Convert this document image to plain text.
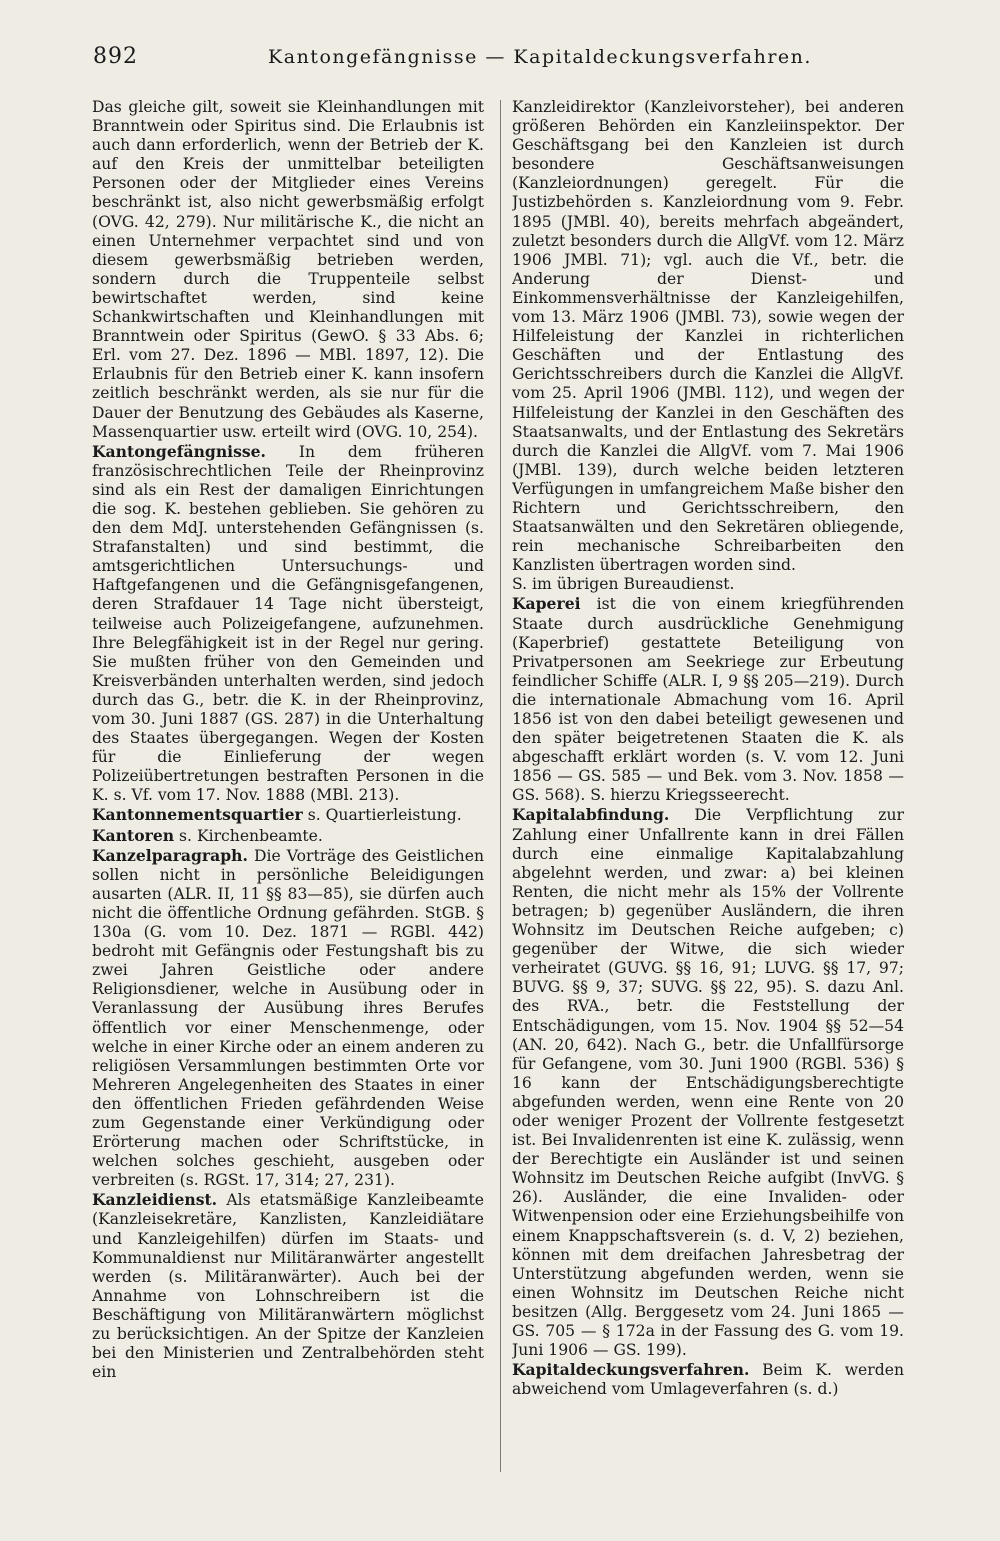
892	Kantongefängnisse — Kapitaldeckungsverfahren.

Das gleiche gilt, soweit sie Kleinhandlungen mit Branntwein oder Spiritus sind. Die Erlaubnis ist auch dann erforderlich, wenn der Betrieb der K. auf den Kreis der unmittelbar beteiligten Personen oder der Mitglieder eines Vereins beschränkt ist, also nicht gewerbsmäßig erfolgt (OVG. 42, 279). Nur militärische K., die nicht an einen Unternehmer verpachtet sind und von diesem gewerbsmäßig betrieben werden, sondern durch die Truppenteile selbst bewirtschaftet werden, sind keine Schankwirtschaften und Kleinhandlungen mit Branntwein oder Spiritus (GewO. § 33 Abs. 6; Erl. vom 27. Dez. 1896 — MBl. 1897, 12). Die Erlaubnis für den Betrieb einer K. kann insofern zeitlich beschränkt werden, als sie nur für die Dauer der Benutzung des Gebäudes als Kaserne, Massenquartier usw. erteilt wird (OVG. 10, 254).

Kantongefängnisse. In dem früheren französischrechtlichen Teile der Rheinprovinz sind als ein Rest der damaligen Einrichtungen die sog. K. bestehen geblieben. Sie gehören zu den dem MdJ. unterstehenden Gefängnissen (s. Strafanstalten) und sind bestimmt, die amtsgerichtlichen Untersuchungs- und Haftgefangenen und die Gefängnisgefangenen, deren Strafdauer 14 Tage nicht übersteigt, teilweise auch Polizeigefangene, aufzunehmen. Ihre Belegfähigkeit ist in der Regel nur gering. Sie mußten früher von den Gemeinden und Kreisverbänden unterhalten werden, sind jedoch durch das G., betr. die K. in der Rheinprovinz, vom 30. Juni 1887 (GS. 287) in die Unterhaltung des Staates übergegangen. Wegen der Kosten für die Einlieferung der wegen Polizeiübertretungen bestraften Personen in die K. s. Vf. vom 17. Nov. 1888 (MBl. 213).

Kantonnementsquartier s. Quartierleistung.

Kantoren s. Kirchenbeamte.

Kanzelparagraph. Die Vorträge des Geistlichen sollen nicht in persönliche Beleidigungen ausarten (ALR. II, 11 §§ 83—85), sie dürfen auch nicht die öffentliche Ordnung gefährden. StGB. § 130a (G. vom 10. Dez. 1871 — RGBl. 442) bedroht mit Gefängnis oder Festungshaft bis zu zwei Jahren Geistliche oder andere Religionsdiener, welche in Ausübung oder in Veranlassung der Ausübung ihres Berufes öffentlich vor einer Menschenmenge, oder welche in einer Kirche oder an einem anderen zu religiösen Versammlungen bestimmten Orte vor Mehreren Angelegenheiten des Staates in einer den öffentlichen Frieden gefährdenden Weise zum Gegenstande einer Verkündigung oder Erörterung machen oder Schriftstücke, in welchen solches geschieht, ausgeben oder verbreiten (s. RGSt. 17, 314; 27, 231).

Kanzleidienst. Als etatsmäßige Kanzleibeamte (Kanzleisekretäre, Kanzlisten, Kanzleidiätare und Kanzleigehilfen) dürfen im Staats- und Kommunaldienst nur Militäranwärter angestellt werden (s. Militäranwärter). Auch bei der Annahme von Lohnschreibern ist die Beschäftigung von Militäranwärtern möglichst zu berücksichtigen. An der Spitze der Kanzleien bei den Ministerien und Zentralbehörden steht ein

Kanzleidirektor (Kanzleivorsteher), bei anderen größeren Behörden ein Kanzleiinspektor. Der Geschäftsgang bei den Kanzleien ist durch besondere Geschäftsanweisungen (Kanzleiordnungen) geregelt. Für die Justizbehörden s. Kanzleiordnung vom 9. Febr. 1895 (JMBl. 40), bereits mehrfach abgeändert, zuletzt besonders durch die AllgVf. vom 12. März 1906 JMBl. 71); vgl. auch die Vf., betr. die Anderung der Dienst- und Einkommensverhältnisse der Kanzleigehilfen, vom 13. März 1906 (JMBl. 73), sowie wegen der Hilfeleistung der Kanzlei in richterlichen Geschäften und der Entlastung des Gerichtsschreibers durch die Kanzlei die AllgVf. vom 25. April 1906 (JMBl. 112), und wegen der Hilfeleistung der Kanzlei in den Geschäften des Staatsanwalts, und der Entlastung des Sekretärs durch die Kanzlei die AllgVf. vom 7. Mai 1906 (JMBl. 139), durch welche beiden letzteren Verfügungen in umfangreichem Maße bisher den Richtern und Gerichtsschreibern, den Staatsanwälten und den Sekretären obliegende, rein mechanische Schreibarbeiten den Kanzlisten übertragen worden sind.

S. im übrigen Bureaudienst.

Kaperei ist die von einem kriegführenden Staate durch ausdrückliche Genehmigung (Kaperbrief) gestattete Beteiligung von Privatpersonen am Seekriege zur Erbeutung feindlicher Schiffe (ALR. I, 9 §§ 205—219). Durch die internationale Abmachung vom 16. April 1856 ist von den dabei beteiligt gewesenen und den später beigetretenen Staaten die K. als abgeschafft erklärt worden (s. V. vom 12. Juni 1856 — GS. 585 — und Bek. vom 3. Nov. 1858 — GS. 568). S. hierzu Kriegsseerecht.

Kapitalabfindung. Die Verpflichtung zur Zahlung einer Unfallrente kann in drei Fällen durch eine einmalige Kapitalabzahlung abgelehnt werden, und zwar: a) bei kleinen Renten, die nicht mehr als 15% der Vollrente betragen; b) gegenüber Ausländern, die ihren Wohnsitz im Deutschen Reiche aufgeben; c) gegenüber der Witwe, die sich wieder verheiratet (GUVG. §§ 16, 91; LUVG. §§ 17, 97; BUVG. §§ 9, 37; SUVG. §§ 22, 95). S. dazu Anl. des RVA., betr. die Feststellung der Entschädigungen, vom 15. Nov. 1904 §§ 52—54 (AN. 20, 642). Nach G., betr. die Unfallfürsorge für Gefangene, vom 30. Juni 1900 (RGBl. 536) § 16 kann der Entschädigungsberechtigte abgefunden werden, wenn eine Rente von 20 oder weniger Prozent der Vollrente festgesetzt ist. Bei Invalidenrenten ist eine K. zulässig, wenn der Berechtigte ein Ausländer ist und seinen Wohnsitz im Deutschen Reiche aufgibt (InvVG. § 26). Ausländer, die eine Invaliden- oder Witwenpension oder eine Erziehungsbeihilfe von einem Knappschaftsverein (s. d. V, 2) beziehen, können mit dem dreifachen Jahresbetrag der Unterstützung abgefunden werden, wenn sie einen Wohnsitz im Deutschen Reiche nicht besitzen (Allg. Berggesetz vom 24. Juni 1865 — GS. 705 — § 172a in der Fassung des G. vom 19. Juni 1906 — GS. 199).

Kapitaldeckungsverfahren. Beim K. werden abweichend vom Umlageverfahren (s. d.)
